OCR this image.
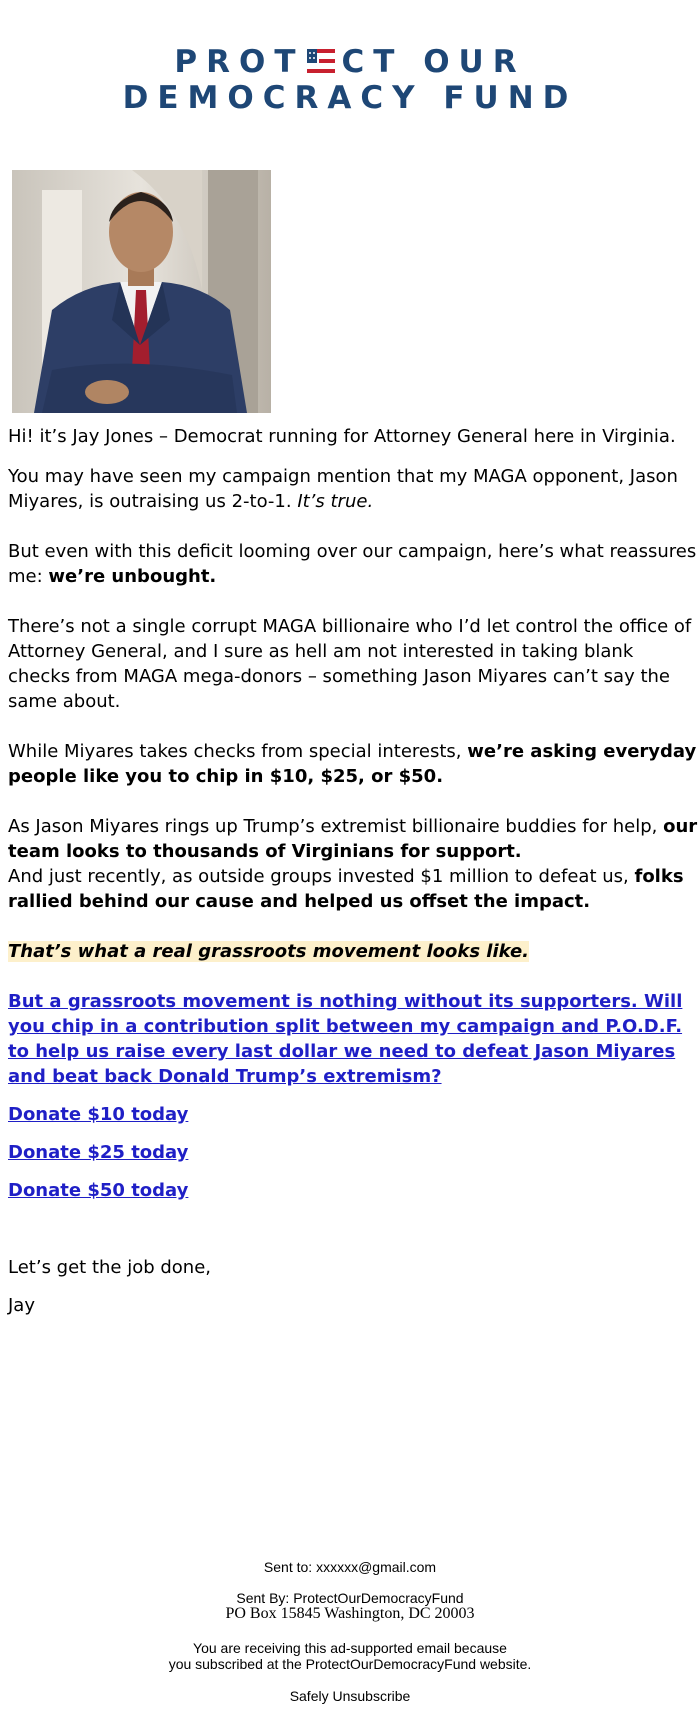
PROT CT OUR
DEMOCRACY FUND

Hi! it’s Jay Jones – Democrat running for Attorney General here in Virginia.

You may have seen my campaign mention that my MAGA opponent, Jason Miyares, is outraising us 2-to-1. It’s true.

But even with this deficit looming over our campaign, here’s what reassures me: we’re unbought.

There’s not a single corrupt MAGA billionaire who I’d let control the office of Attorney General, and I sure as hell am not interested in taking blank checks from MAGA mega-donors – something Jason Miyares can’t say the same about.

While Miyares takes checks from special interests, we’re asking everyday people like you to chip in $10, $25, or $50.

As Jason Miyares rings up Trump’s extremist billionaire buddies for help, our team looks to thousands of Virginians for support.

And just recently, as outside groups invested $1 million to defeat us, folks rallied behind our cause and helped us offset the impact.

That’s what a real grassroots movement looks like.

But a grassroots movement is nothing without its supporters. Will you chip in a contribution split between my campaign and P.O.D.F. to help us raise every last dollar we need to defeat Jason Miyares and beat back Donald Trump’s extremism?

Donate $10 today
Donate $25 today
Donate $50 today

Let’s get the job done,

Jay

Sent to: xxxxxx@gmail.com

Sent By: ProtectOurDemocracyFund

PO Box 15845 Washington, DC 20003

You are receiving this ad-supported email because

you subscribed at the ProtectOurDemocracyFund website.

Safely Unsubscribe
